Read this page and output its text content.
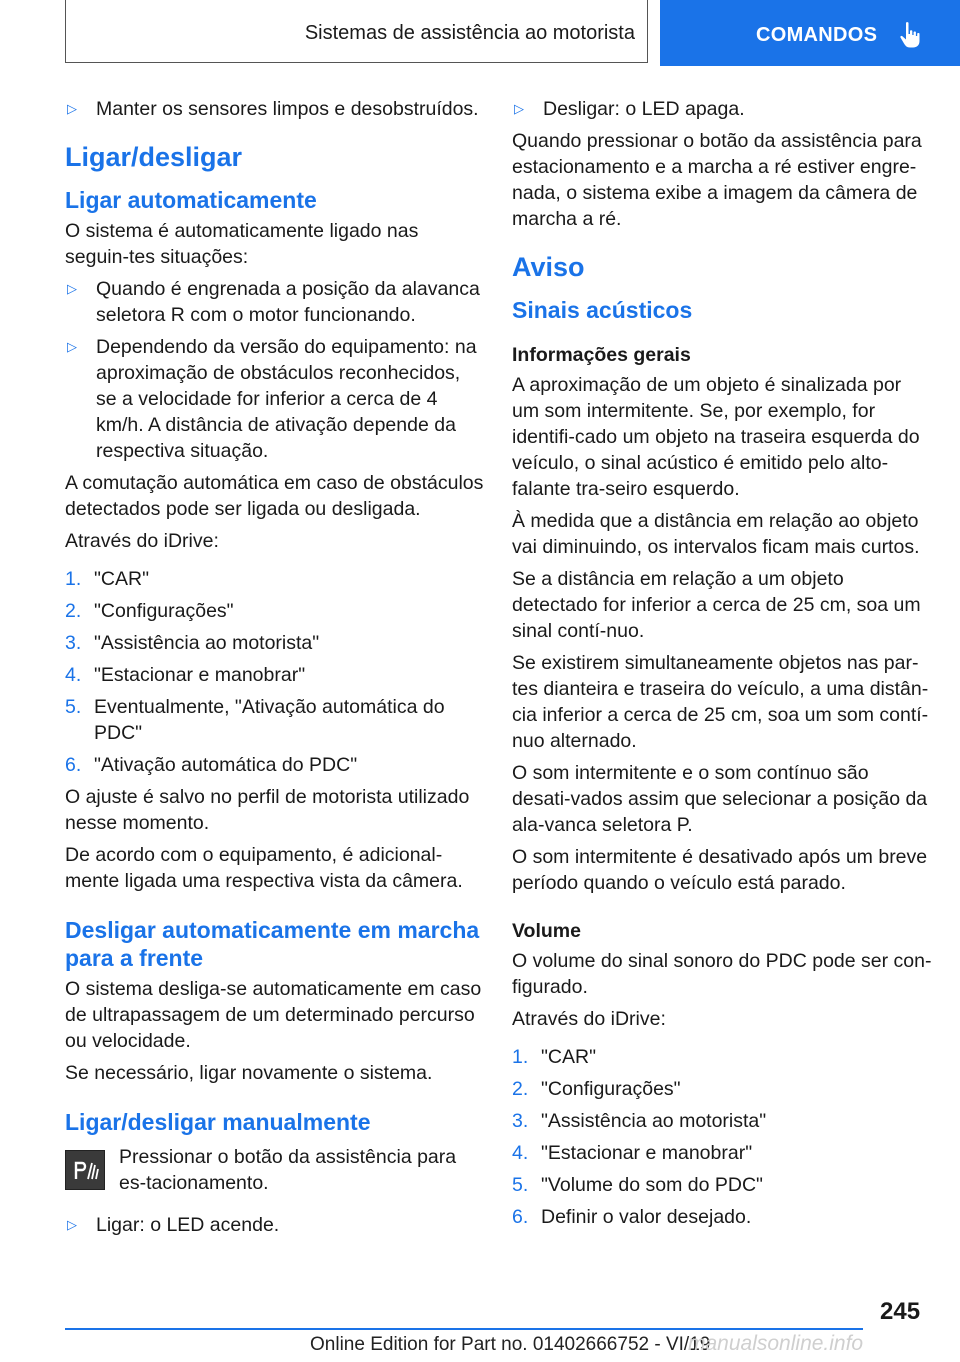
Sistemas de assistência ao motorista	COMANDOS
▷ Manter os sensores limpos e desobstruídos.
Ligar/desligar
Ligar automaticamente

O sistema é automaticamente ligado nas seguin-tes situações:

▷ Quando é engrenada a posição da alavanca seletora R com o motor funcionando.
▷ Dependendo da versão do equipamento: na aproximação de obstáculos reconhecidos, se a velocidade for inferior a cerca de 4 km/h. A distância de ativação depende da respectiva situação.

A comutação automática em caso de obstáculos detectados pode ser ligada ou desligada.

Através do iDrive:

1. "CAR"
2. "Configurações"
3. "Assistência ao motorista"
4. "Estacionar e manobrar"
5. Eventualmente, "Ativação automática do PDC"
6. "Ativação automática do PDC"

O ajuste é salvo no perfil de motorista utilizado nesse momento.

De acordo com o equipamento, é adicional-mente ligada uma respectiva vista da câmera.

Desligar automaticamente em marcha para a frente

O sistema desliga-se automaticamente em caso de ultrapassagem de um determinado percurso ou velocidade.

Se necessário, ligar novamente o sistema.

Ligar/desligar manualmente

Pressionar o botão da assistência para es-tacionamento.

▷ Ligar: o LED acende.
▷ Desligar: o LED apaga.

Quando pressionar o botão da assistência para estacionamento e a marcha a ré estiver engre-nada, o sistema exibe a imagem da câmera de marcha a ré.

Aviso
Sinais acústicos
Informações gerais

A aproximação de um objeto é sinalizada por um som intermitente. Se, por exemplo, for identifi-cado um objeto na traseira esquerda do veículo, o sinal acústico é emitido pelo alto-falante tra-seiro esquerdo.

À medida que a distância em relação ao objeto vai diminuindo, os intervalos ficam mais curtos.

Se a distância em relação a um objeto detectado for inferior a cerca de 25 cm, soa um sinal contí-nuo.

Se existirem simultaneamente objetos nas par-tes dianteira e traseira do veículo, a uma distân-cia inferior a cerca de 25 cm, soa um som contí-nuo alternado.

O som intermitente e o som contínuo são desati-vados assim que selecionar a posição da ala-vanca seletora P.

O som intermitente é desativado após um breve período quando o veículo está parado.

Volume

O volume do sinal sonoro do PDC pode ser con-figurado.

Através do iDrive:

1. "CAR"
2. "Configurações"
3. "Assistência ao motorista"
4. "Estacionar e manobrar"
5. "Volume do som do PDC"
6. Definir o valor desejado.
245
Online Edition for Part no. 01402666752 - VI/19
manualsonline.info
